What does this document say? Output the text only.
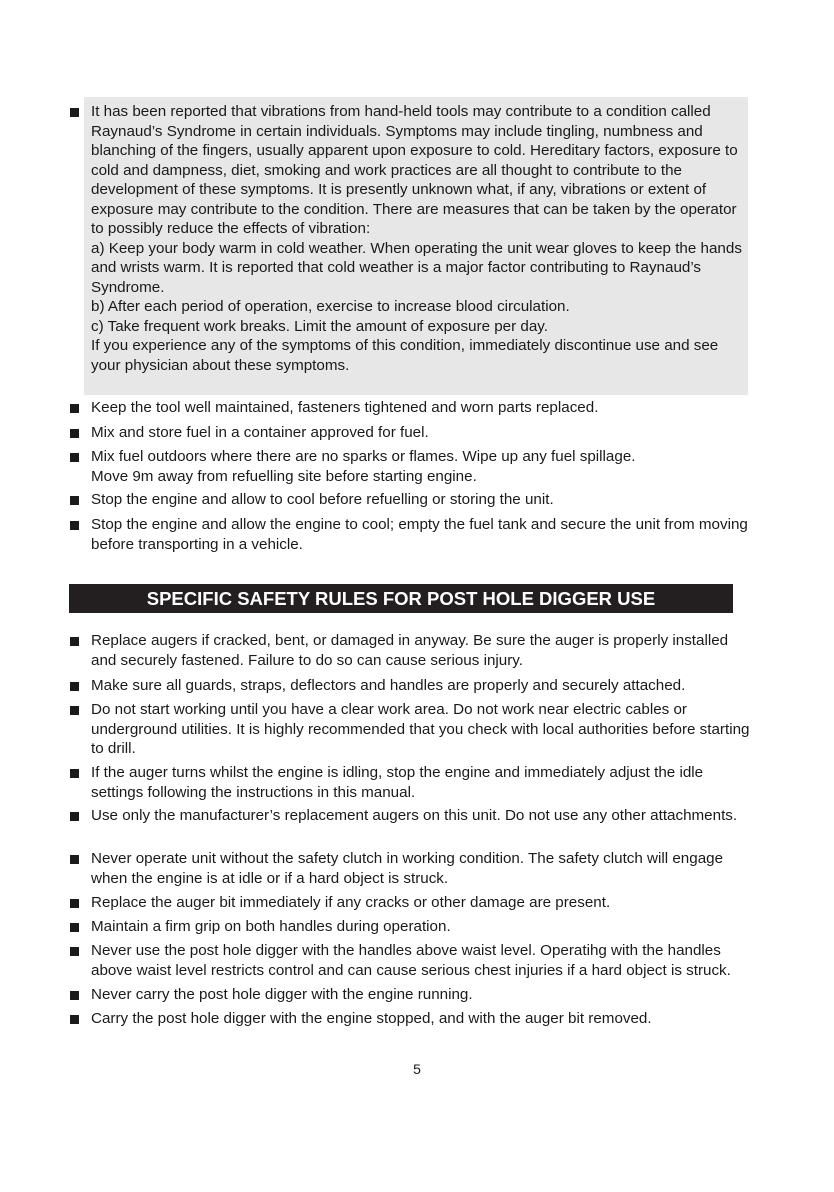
It has been reported that vibrations from hand-held tools may contribute to a condition called Raynaud’s Syndrome in certain individuals. Symptoms may include tingling, numbness and blanching of the fingers, usually apparent upon exposure to cold. Hereditary factors, exposure to cold and dampness, diet, smoking and work practices are all thought to contribute to the development of these symptoms. It is presently unknown what, if any, vibrations or extent of exposure may contribute to the condition. There are measures that can be taken by the operator to possibly reduce the effects of vibration:

a) Keep your body warm in cold weather. When operating the unit wear gloves to keep the hands and wrists warm. It is reported that cold weather is a major factor contributing to Raynaud’s Syndrome.

b) After each period of operation, exercise to increase blood circulation.

c) Take frequent work breaks. Limit the amount of exposure per day.

If you experience any of the symptoms of this condition, immediately discontinue use and see your physician about these symptoms.

Keep the tool well maintained, fasteners tightened and worn parts replaced.
Mix and store fuel in a container approved for fuel.

Mix fuel outdoors where there are no sparks or flames. Wipe up any fuel spillage.

Move 9m away from refuelling site before starting engine.

Stop the engine and allow to cool before refuelling or storing the unit.
Stop the engine and allow the engine to cool; empty the fuel tank and secure the unit from moving before transporting in a vehicle.
SPECIFIC SAFETY RULES FOR POST HOLE DIGGER USE
Replace augers if cracked, bent, or damaged in anyway. Be sure the auger is properly installed and securely fastened. Failure to do so can cause serious injury.
Make sure all guards, straps, deflectors and handles are properly and securely attached.
Do not start working until you have a clear work area. Do not work near electric cables or underground utilities. It is highly recommended that you check with local authorities before starting to drill.
If the auger turns whilst the engine is idling, stop the engine and immediately adjust the idle settings following the instructions in this manual.
Use only the manufacturer’s replacement augers on this unit. Do not use any other attachments.
Never operate unit without the safety clutch in working condition. The safety clutch will engage when the engine is at idle or if a hard object is struck.
Replace the auger bit immediately if any cracks or other damage are present.
Maintain a firm grip on both handles during operation.
Never use the post hole digger with the handles above waist level. Operatihg with the handles above waist level restricts control and can cause serious chest injuries if a hard object is struck.
Never carry the post hole digger with the engine running.
Carry the post hole digger with the engine stopped, and with the auger bit removed.
5
